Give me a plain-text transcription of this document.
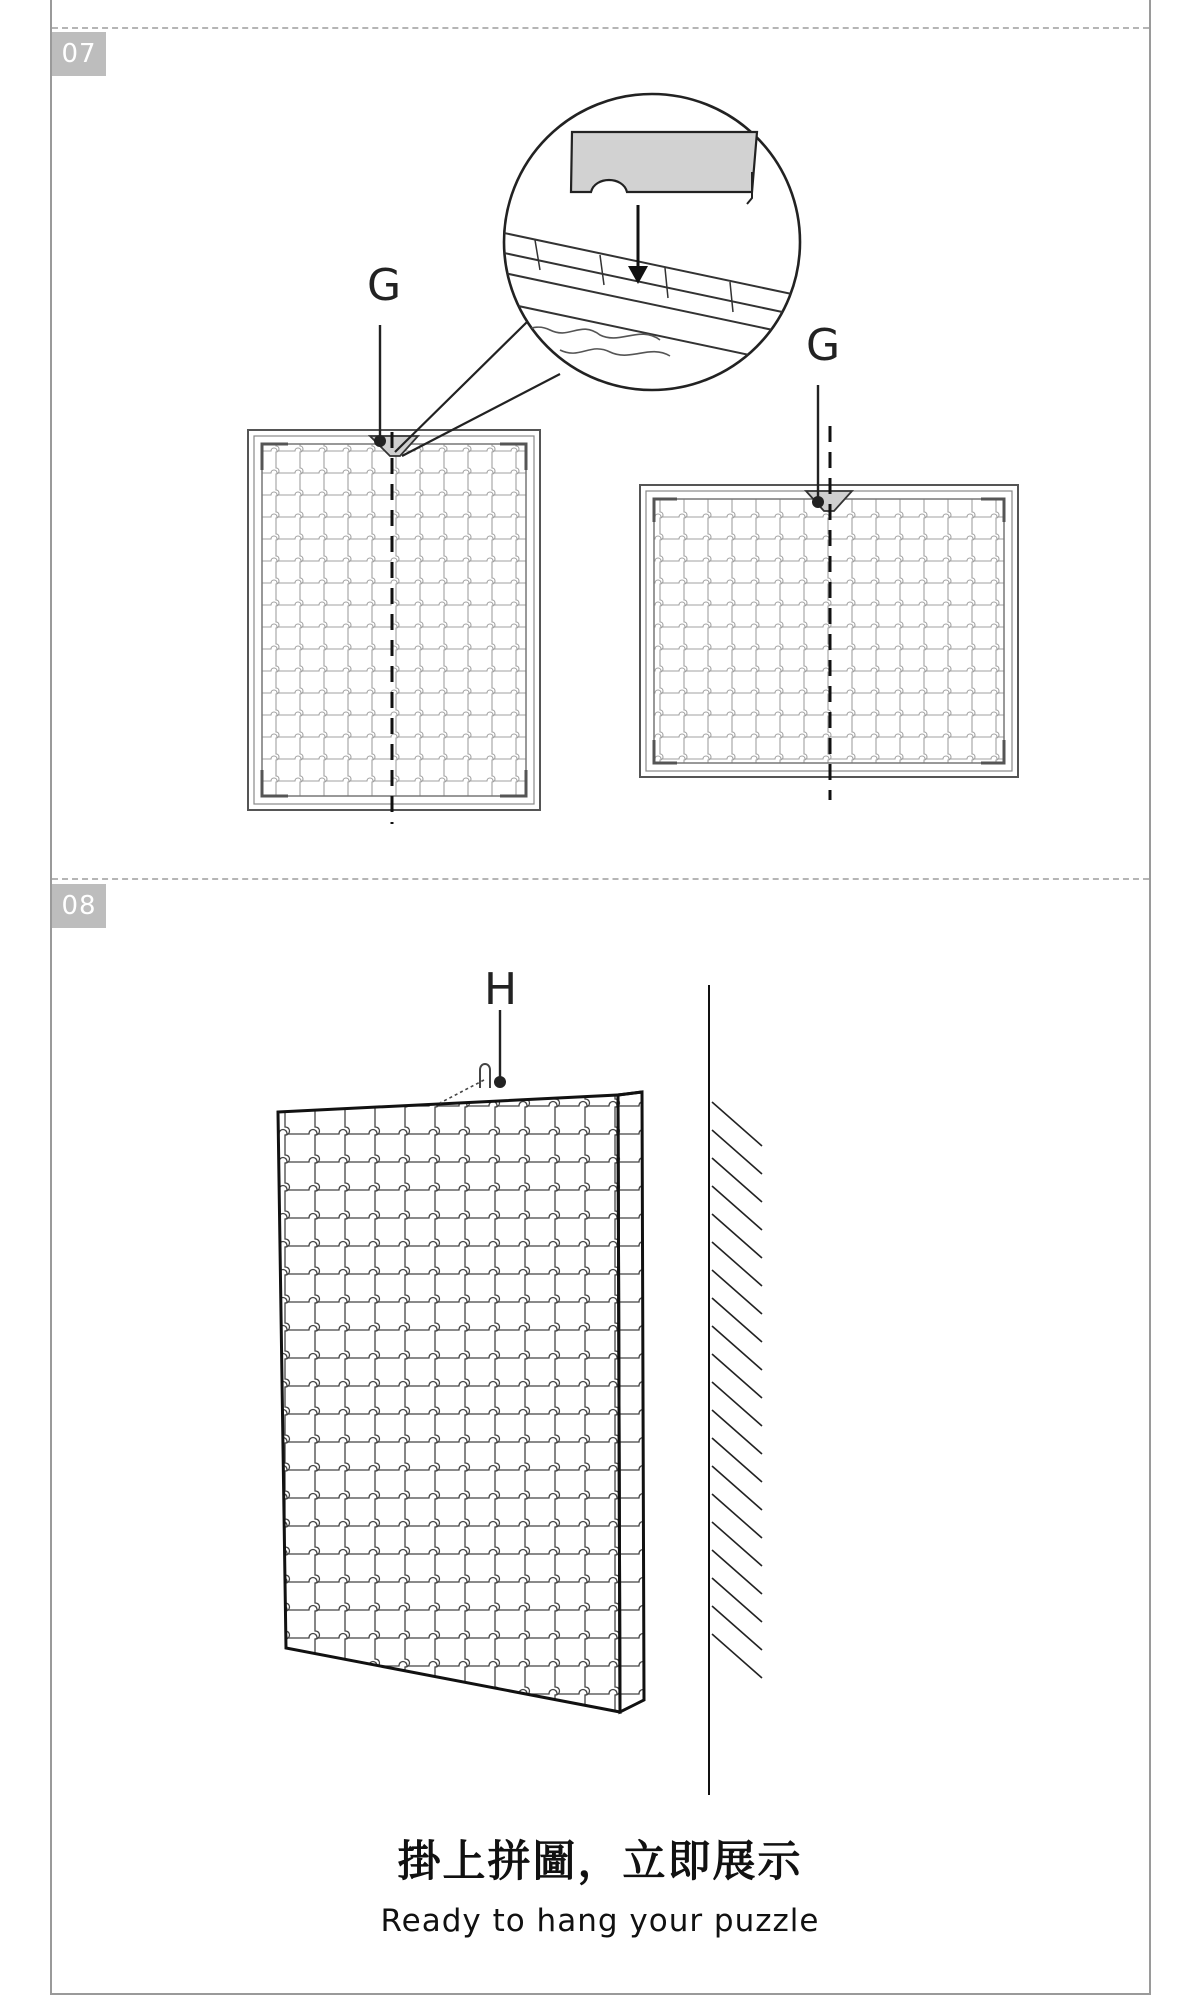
07
08
G
G
H
掛上拼圖，立即展示
Ready to hang your puzzle
